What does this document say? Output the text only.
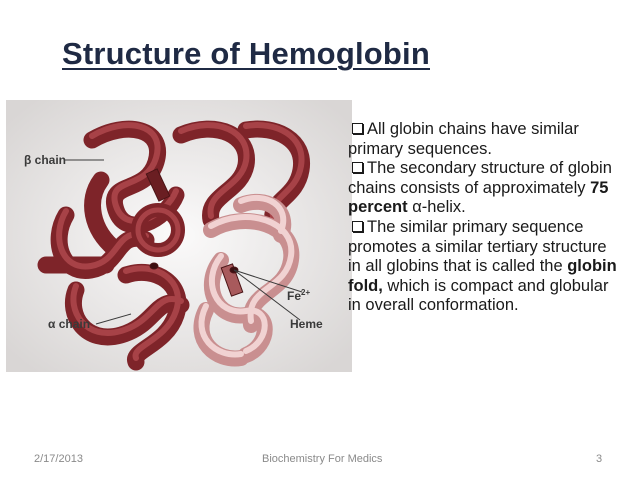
Structure of Hemoglobin
β chain
α chain
$Fe^{2+}$
Heme
All globin chains have similar primary sequences.
The secondary structure of globin chains consists of approximately 75 percent α-helix.
The similar primary sequence promotes a similar tertiary structure in all globins that is called the globin fold, which is compact and globular in overall conformation.
2/17/2013	Biochemistry For Medics	3
